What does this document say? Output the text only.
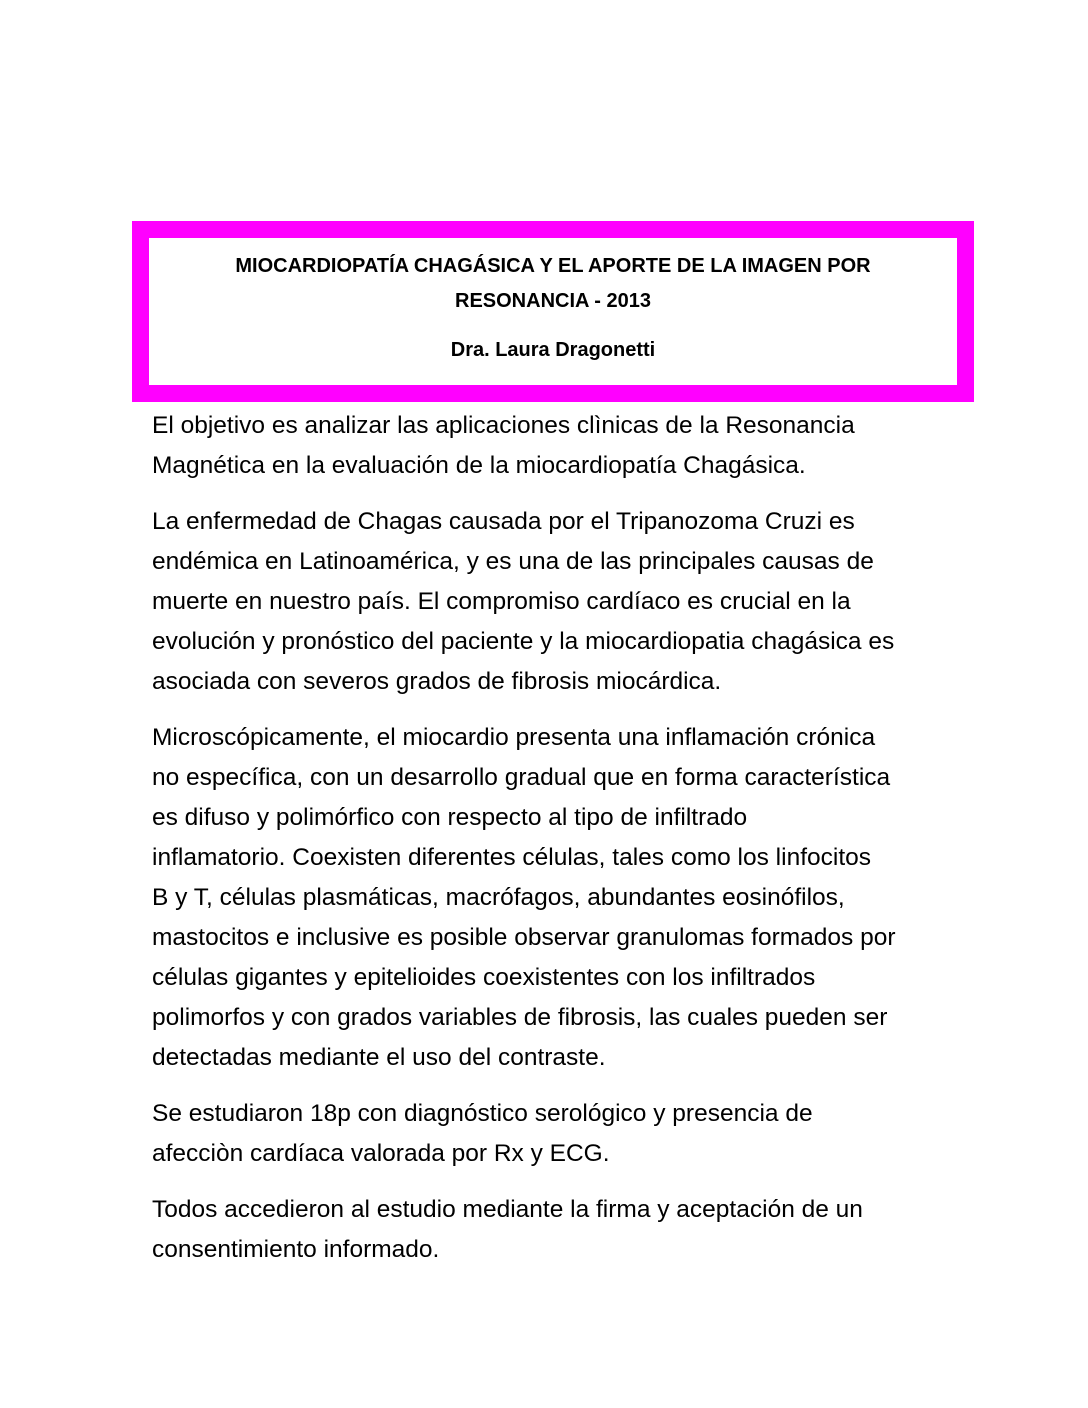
MIOCARDIOPATÍA CHAGÁSICA Y EL APORTE DE LA IMAGEN POR
RESONANCIA - 2013
Dra. Laura Dragonetti

El objetivo es analizar las aplicaciones clìnicas de la Resonancia
Magnética en la evaluación de la miocardiopatía Chagásica.

La enfermedad de Chagas causada por el Tripanozoma Cruzi es
endémica en Latinoamérica, y es una de las principales causas de
muerte en nuestro país. El compromiso cardíaco es crucial en la
evolución y pronóstico del paciente y la miocardiopatia chagásica es
asociada con severos grados de fibrosis miocárdica.

Microscópicamente, el miocardio presenta una inflamación crónica
no específica, con un desarrollo gradual que en forma característica
es difuso y polimórfico con respecto al tipo de infiltrado
inflamatorio. Coexisten diferentes células, tales como los linfocitos
B y T, células plasmáticas, macrófagos, abundantes eosinófilos,
mastocitos e inclusive es posible observar granulomas formados por
células gigantes y epitelioides coexistentes con los infiltrados
polimorfos y con grados variables de fibrosis, las cuales pueden ser
detectadas mediante el uso del contraste.

Se estudiaron 18p con diagnóstico serológico y presencia de
afecciòn cardíaca valorada por Rx y ECG.

Todos accedieron al estudio mediante la firma y aceptación de un
consentimiento informado.
